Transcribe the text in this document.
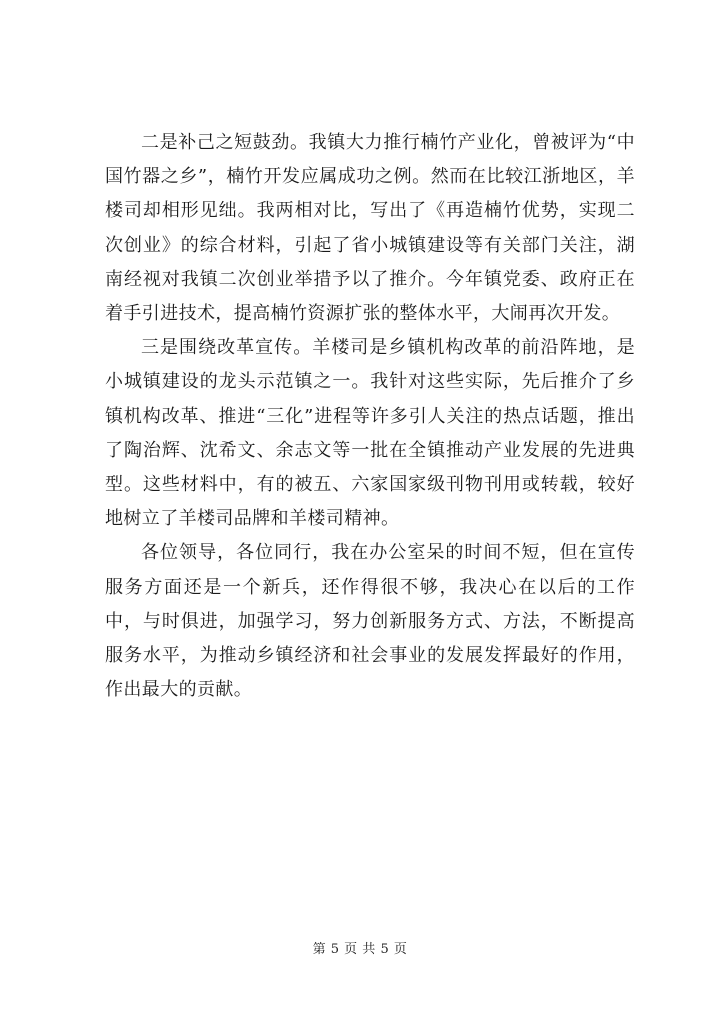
二是补己之短鼓劲。我镇大力推行楠竹产业化，曾被评为“中国竹器之乡”，楠竹开发应属成功之例。然而在比较江浙地区，羊楼司却相形见绌。我两相对比，写出了《再造楠竹优势，实现二次创业》的综合材料，引起了省小城镇建设等有关部门关注，湖南经视对我镇二次创业举措予以了推介。今年镇党委、政府正在着手引进技术，提高楠竹资源扩张的整体水平，大闹再次开发。

三是围绕改革宣传。羊楼司是乡镇机构改革的前沿阵地，是小城镇建设的龙头示范镇之一。我针对这些实际，先后推介了乡镇机构改革、推进“三化”进程等许多引人关注的热点话题，推出了陶治辉、沈希文、余志文等一批在全镇推动产业发展的先进典型。这些材料中，有的被五、六家国家级刊物刊用或转载，较好地树立了羊楼司品牌和羊楼司精神。

各位领导，各位同行，我在办公室呆的时间不短，但在宣传服务方面还是一个新兵，还作得很不够，我决心在以后的工作中，与时俱进，加强学习，努力创新服务方式、方法，不断提高服务水平，为推动乡镇经济和社会事业的发展发挥最好的作用，作出最大的贡献。

第 5 页 共 5 页
